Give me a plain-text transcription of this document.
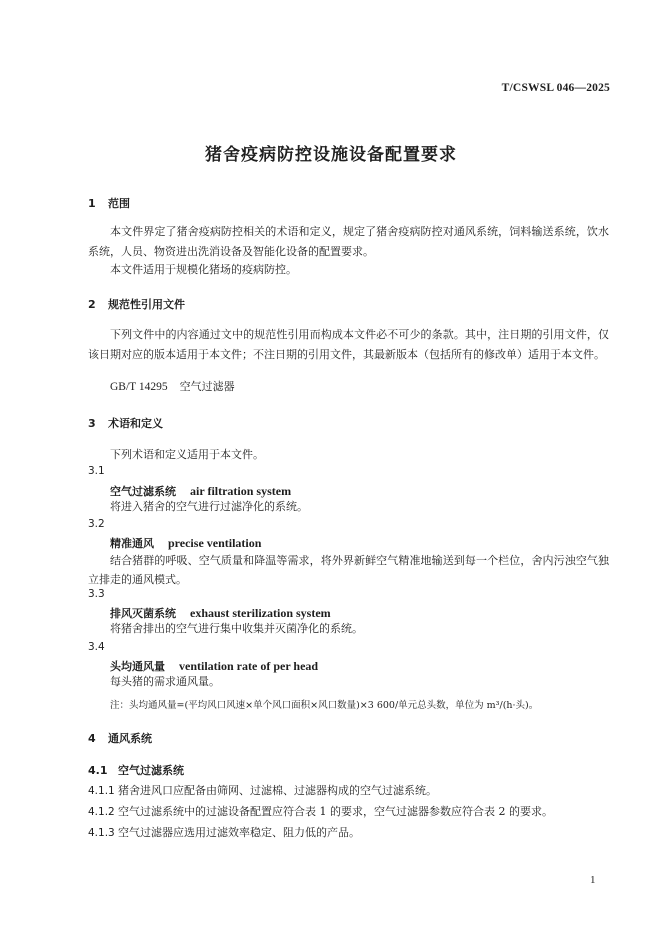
T/CSWSL 046—2025
猪舍疫病防控设施设备配置要求
1 范围
本文件界定了猪舍疫病防控相关的术语和定义，规定了猪舍疫病防控对通风系统，饲料输送系统，饮水系统，人员、物资进出洗消设备及智能化设备的配置要求。
本文件适用于规模化猪场的疫病防控。
2 规范性引用文件
下列文件中的内容通过文中的规范性引用而构成本文件必不可少的条款。其中，注日期的引用文件，仅该日期对应的版本适用于本文件；不注日期的引用文件，其最新版本（包括所有的修改单）适用于本文件。
GB/T 14295 空气过滤器
3 术语和定义
下列术语和定义适用于本文件。
3.1
空气过滤系统 air filtration system
将进入猪舍的空气进行过滤净化的系统。
3.2
精准通风 precise ventilation
结合猪群的呼吸、空气质量和降温等需求，将外界新鲜空气精准地输送到每一个栏位，舍内污浊空气独立排走的通风模式。
3.3
排风灭菌系统 exhaust sterilization system
将猪舍排出的空气进行集中收集并灭菌净化的系统。
3.4
头均通风量 ventilation rate of per head
每头猪的需求通风量。
注：头均通风量=(平均风口风速×单个风口面积×风口数量)×3 600/单元总头数，单位为 m³/(h·头)。
4 通风系统
4.1 空气过滤系统
4.1.1 猪舍进风口应配备由筛网、过滤棉、过滤器构成的空气过滤系统。
4.1.2 空气过滤系统中的过滤设备配置应符合表 1 的要求，空气过滤器参数应符合表 2 的要求。
4.1.3 空气过滤器应选用过滤效率稳定、阻力低的产品。
1
